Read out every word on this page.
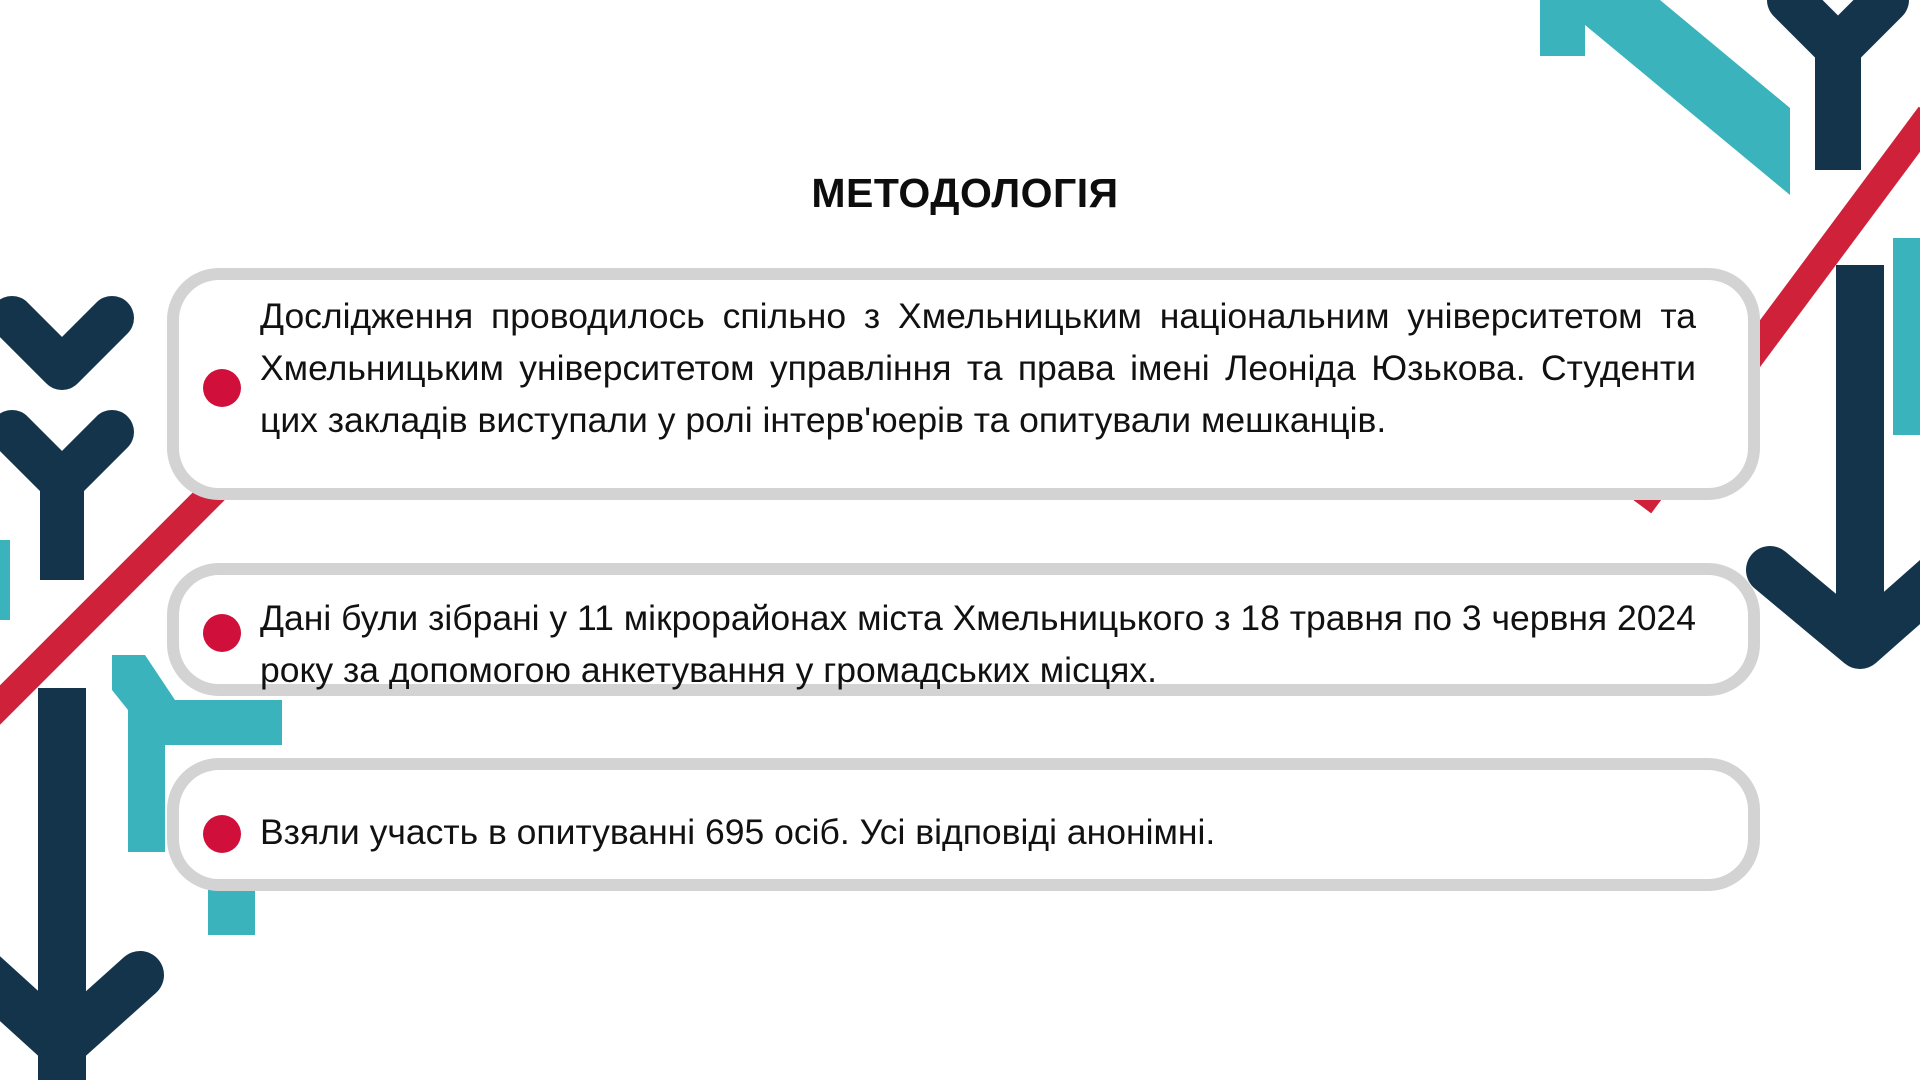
МЕТОДОЛОГІЯ
Дослідження проводилось спільно з Хмельницьким національним університетом та Хмельницьким університетом управління та права імені Леоніда Юзькова. Студенти цих закладів виступали у ролі інтерв'юерів та опитували мешканців.
Дані були зібрані у 11 мікрорайонах міста Хмельницького з 18 травня по 3 червня 2024 року за допомогою анкетування у громадських місцях.
Взяли участь в опитуванні 695 осіб. Усі відповіді анонімні.
